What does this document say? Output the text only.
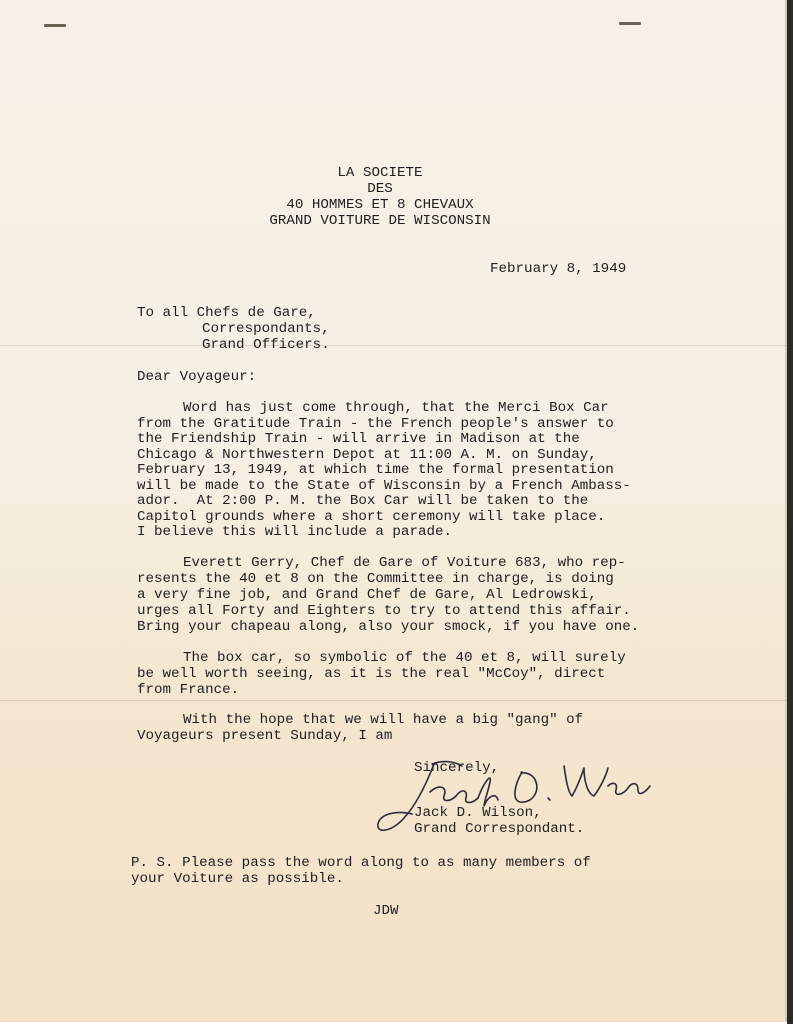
LA SOCIETE

DES

40 HOMMES ET 8 CHEVAUX

GRAND VOITURE DE WISCONSIN

February 8, 1949

To all Chefs de Gare,

Correspondants,

Grand Officers.

Dear Voyageur:

Word has just come through, that the Merci Box Car

from the Gratitude Train - the French people's answer to

the Friendship Train - will arrive in Madison at the

Chicago & Northwestern Depot at 11:00 A. M. on Sunday,

February 13, 1949, at which time the formal presentation

will be made to the State of Wisconsin by a French Ambass-

ador.  At 2:00 P. M. the Box Car will be taken to the

Capitol grounds where a short ceremony will take place.

I believe this will include a parade.

Everett Gerry, Chef de Gare of Voiture 683, who rep-

resents the 40 et 8 on the Committee in charge, is doing

a very fine job, and Grand Chef de Gare, Al Ledrowski,

urges all Forty and Eighters to try to attend this affair.

Bring your chapeau along, also your smock, if you have one.

The box car, so symbolic of the 40 et 8, will surely

be well worth seeing, as it is the real "McCoy", direct

from France.

With the hope that we will have a big "gang" of

Voyageurs present Sunday, I am

Sincerely,

Jack D. Wilson,

Grand Correspondant.

P. S. Please pass the word along to as many members of

your Voiture as possible.

JDW
